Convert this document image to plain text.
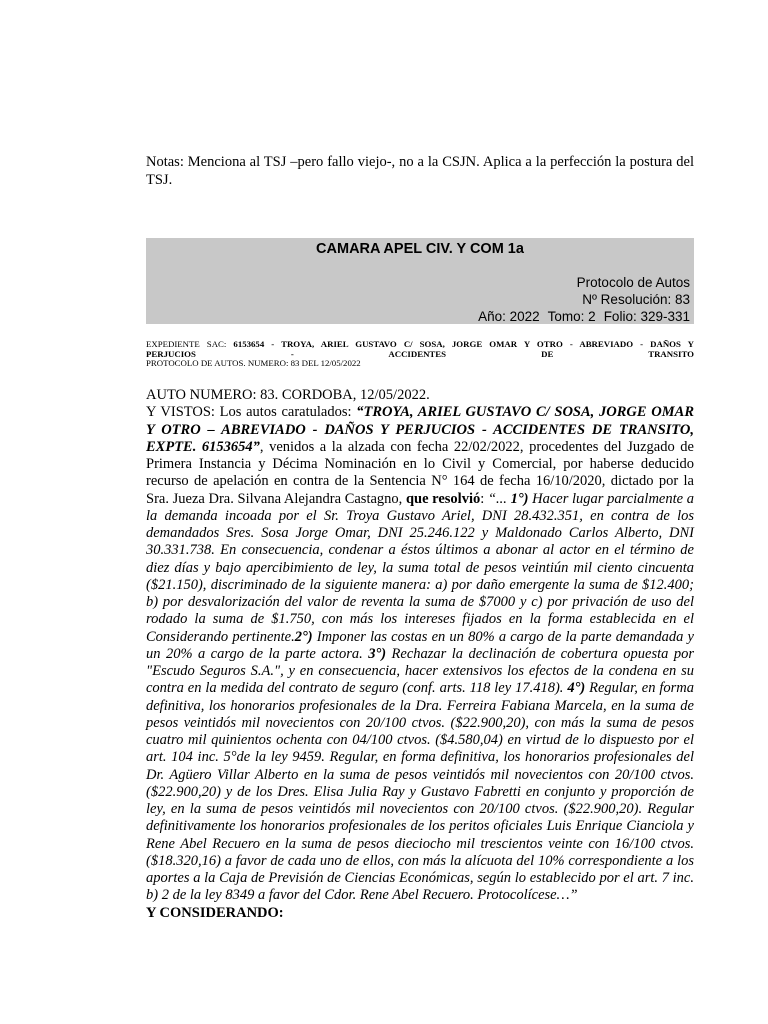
Notas: Menciona al TSJ –pero fallo viejo-, no a la CSJN. Aplica a la perfección la postura del TSJ.
CAMARA APEL CIV. Y COM 1a
Protocolo de Autos
Nº Resolución: 83
Año: 2022 Tomo: 2 Folio: 329-331
EXPEDIENTE SAC: 6153654 - TROYA, ARIEL GUSTAVO C/ SOSA, JORGE OMAR Y OTRO - ABREVIADO - DAÑOS Y
PERJUCIOS - ACCIDENTES DE TRANSITO
PROTOCOLO DE AUTOS. NUMERO: 83 DEL 12/05/2022

AUTO NUMERO: 83. CORDOBA, 12/05/2022.

Y VISTOS: Los autos caratulados: “TROYA, ARIEL GUSTAVO C/ SOSA, JORGE OMAR Y OTRO – ABREVIADO - DAÑOS Y PERJUCIOS - ACCIDENTES DE TRANSITO, EXPTE. 6153654”, venidos a la alzada con fecha 22/02/2022, procedentes del Juzgado de Primera Instancia y Décima Nominación en lo Civil y Comercial, por haberse deducido recurso de apelación en contra de la Sentencia N° 164 de fecha 16/10/2020, dictado por la Sra. Jueza Dra. Silvana Alejandra Castagno, que resolvió: “... 1°) Hacer lugar parcialmente a la demanda incoada por el Sr. Troya Gustavo Ariel, DNI 28.432.351, en contra de los demandados Sres. Sosa Jorge Omar, DNI 25.246.122 y Maldonado Carlos Alberto, DNI 30.331.738. En consecuencia, condenar a éstos últimos a abonar al actor en el término de diez días y bajo apercibimiento de ley, la suma total de pesos veintiún mil ciento cincuenta ($21.150), discriminado de la siguiente manera: a) por daño emergente la suma de $12.400; b) por desvalorización del valor de reventa la suma de $7000 y c) por privación de uso del rodado la suma de $1.750, con más los intereses fijados en la forma establecida en el Considerando pertinente.2°) Imponer las costas en un 80% a cargo de la parte demandada y un 20% a cargo de la parte actora. 3°) Rechazar la declinación de cobertura opuesta por "Escudo Seguros S.A.", y en consecuencia, hacer extensivos los efectos de la condena en su contra en la medida del contrato de seguro (conf. arts. 118 ley 17.418). 4°) Regular, en forma definitiva, los honorarios profesionales de la Dra. Ferreira Fabiana Marcela, en la suma de pesos veintidós mil novecientos con 20/100 ctvos. ($22.900,20), con más la suma de pesos cuatro mil quinientos ochenta con 04/100 ctvos. ($4.580,04) en virtud de lo dispuesto por el art. 104 inc. 5°de la ley 9459. Regular, en forma definitiva, los honorarios profesionales del Dr. Agüero Villar Alberto en la suma de pesos veintidós mil novecientos con 20/100 ctvos. ($22.900,20) y de los Dres. Elisa Julia Ray y Gustavo Fabretti en conjunto y proporción de ley, en la suma de pesos veintidós mil novecientos con 20/100 ctvos. ($22.900,20). Regular definitivamente los honorarios profesionales de los peritos oficiales Luis Enrique Cianciola y Rene Abel Recuero en la suma de pesos dieciocho mil trescientos veinte con 16/100 ctvos. ($18.320,16) a favor de cada uno de ellos, con más la alícuota del 10% correspondiente a los aportes a la Caja de Previsión de Ciencias Económicas, según lo establecido por el art. 7 inc. b) 2 de la ley 8349 a favor del Cdor. Rene Abel Recuero. Protocolícese…”

Y CONSIDERANDO:
